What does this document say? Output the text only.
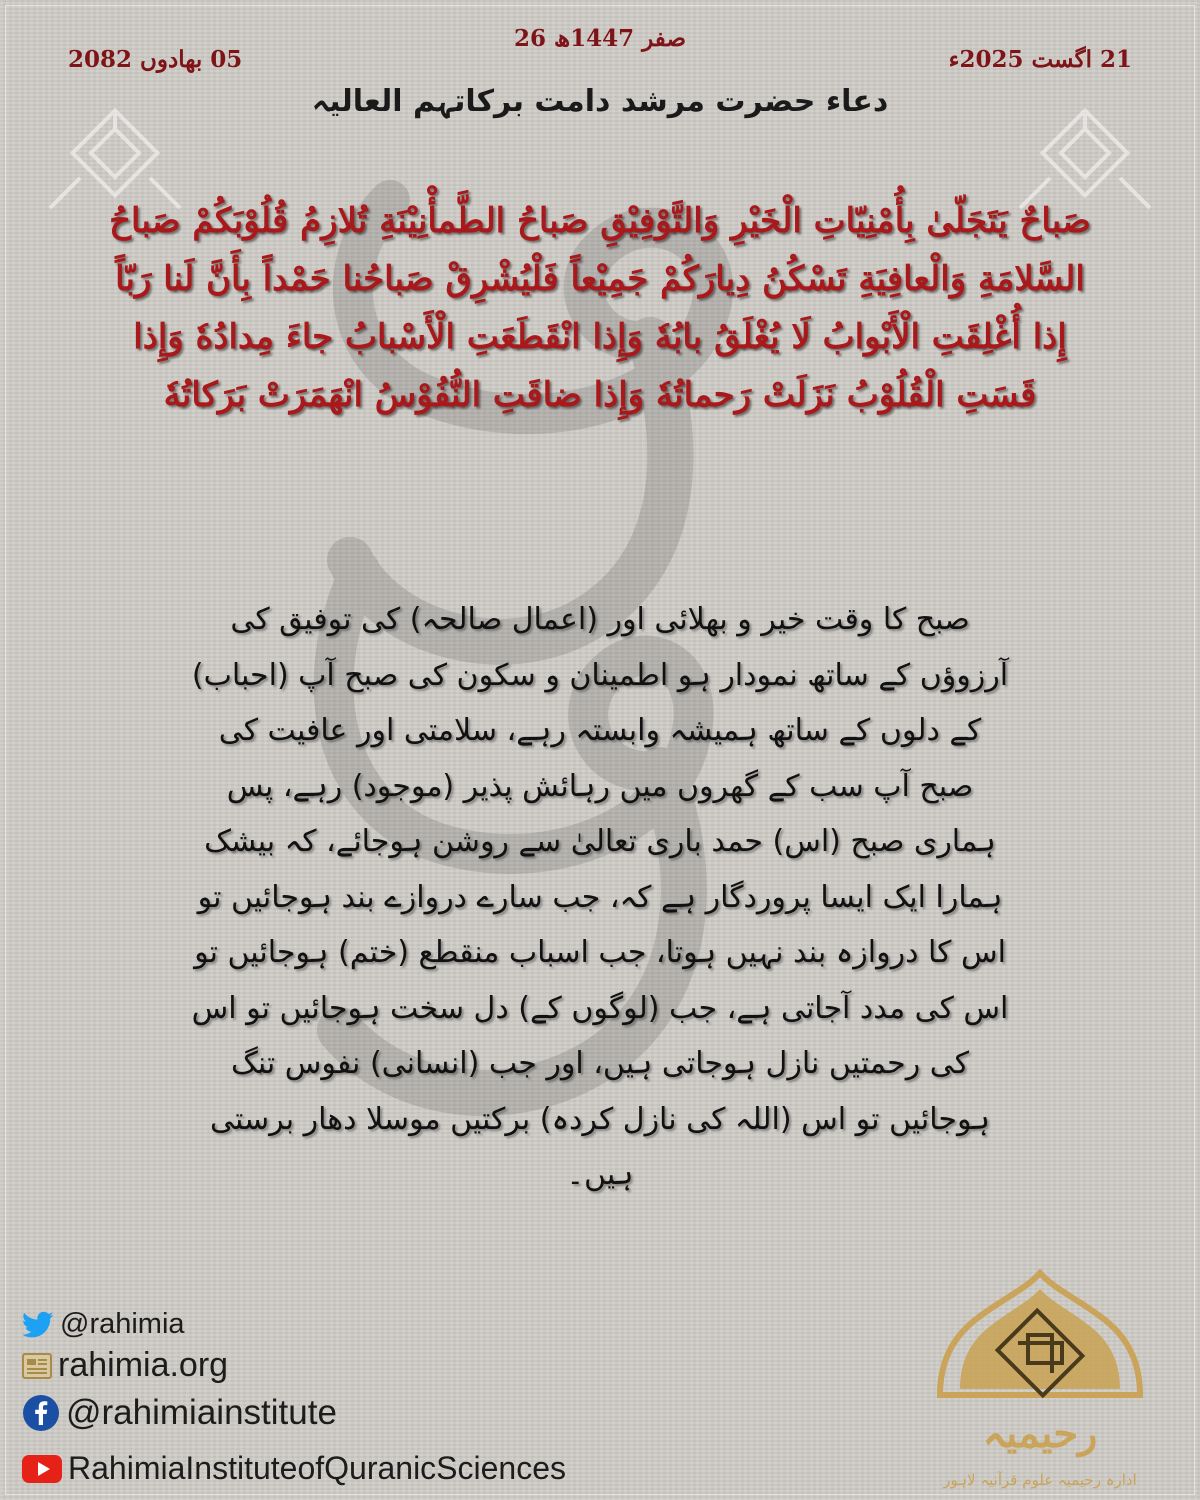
26 صفر 1447ھ
21 اگست 2025ء
05 بھادوں 2082
دعاء حضرت مرشد دامت برکاتہم العالیہ
صَباحٌ يَتَجَلّىٰ بِأُمْنِيّاتِ الْخَيْرِ وَالتَّوْفِيْقِ صَباحُ الطَّمأْنِيْنَةِ تُلازِمُ قُلُوْبَكُمْ صَباحُ السَّلامَةِ وَالْعافِيَةِ تَسْكُنُ دِيارَكُمْ جَمِيْعاً فَلْيُشْرِقْ صَباحُنا حَمْداً بِأَنَّ لَنا رَبّاً إِذا أُغْلِقَتِ الْأَبْوابُ لَا يُغْلَقُ بابُهٗ وَإِذا انْقَطَعَتِ الْأَسْبابُ جاءَ مِدادُهٗ وَإِذا قَسَتِ الْقُلُوْبُ نَزَلَتْ رَحماتُهٗ وَإِذا ضاقَتِ النُّفُوْسُ انْهَمَرَتْ بَرَكاتُهٗ
صبح کا وقت خیر و بھلائی اور (اعمال صالحہ) کی توفیق کی آرزوؤں کے ساتھ نمودار ہو اطمینان و سکون کی صبح آپ (احباب) کے دلوں کے ساتھ ہمیشہ وابستہ رہے، سلامتی اور عافیت کی صبح آپ سب کے گھروں میں رہائش پذیر (موجود) رہے، پس ہماری صبح (اس) حمد باری تعالیٰ سے روشن ہوجائے، کہ بیشک ہمارا ایک ایسا پروردگار ہے کہ، جب سارے دروازے بند ہوجائیں تو اس کا دروازہ بند نہیں ہوتا، جب اسباب منقطع (ختم) ہوجائیں تو اس کی مدد آجاتی ہے، جب (لوگوں کے) دل سخت ہوجائیں تو اس کی رحمتیں نازل ہوجاتی ہیں، اور جب (انسانی) نفوس تنگ ہوجائیں تو اس (اللہ کی نازل کردہ) برکتیں موسلا دھار برستی ہیں۔
@rahimia
rahimia.org
@rahimiainstitute
RahimiaInstituteofQuranicSciences
رحیمیہ
ادارہ رحیمیہ علوم قرآنیہ لاہور
